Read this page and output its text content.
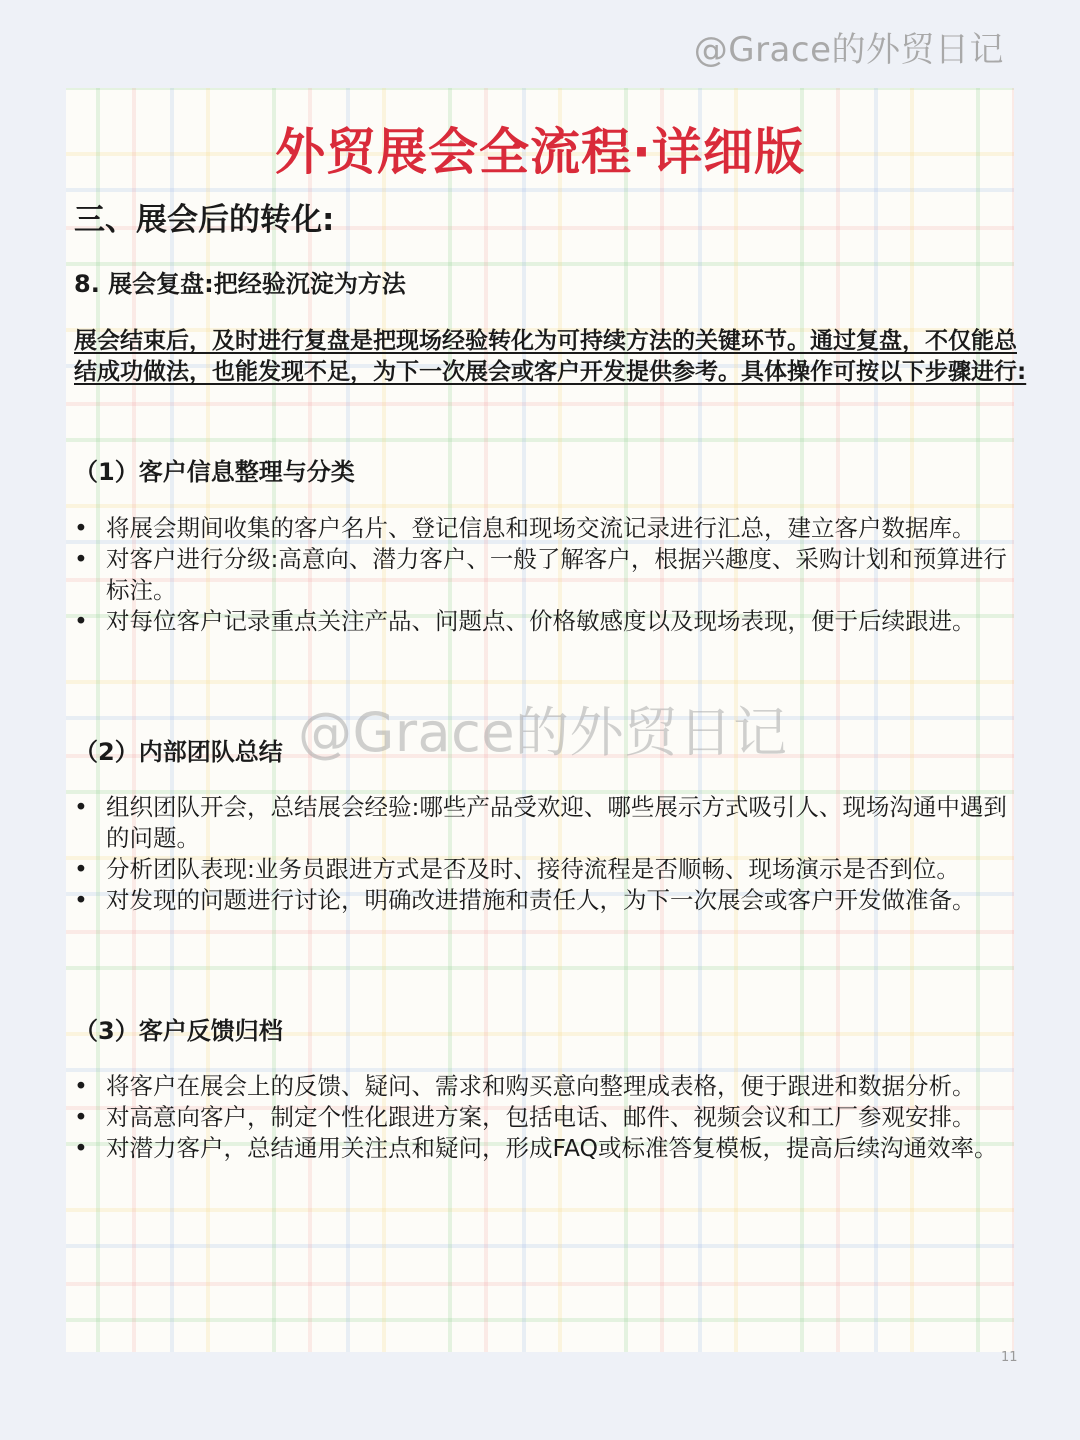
@Grace的外贸日记
外贸展会全流程·详细版
三、展会后的转化:
8. 展会复盘:把经验沉淀为方法
展会结束后，及时进行复盘是把现场经验转化为可持续方法的关键环节。通过复盘，不仅能总结成功做法，也能发现不足，为下一次展会或客户开发提供参考。具体操作可按以下步骤进行:
（1）客户信息整理与分类
• 将展会期间收集的客户名片、登记信息和现场交流记录进行汇总，建立客户数据库。
• 对客户进行分级:高意向、潜力客户、一般了解客户，根据兴趣度、采购计划和预算进行标注。
• 对每位客户记录重点关注产品、问题点、价格敏感度以及现场表现，便于后续跟进。
（2）内部团队总结
• 组织团队开会，总结展会经验:哪些产品受欢迎、哪些展示方式吸引人、现场沟通中遇到的问题。
• 分析团队表现:业务员跟进方式是否及时、接待流程是否顺畅、现场演示是否到位。
• 对发现的问题进行讨论，明确改进措施和责任人，为下一次展会或客户开发做准备。
（3）客户反馈归档
• 将客户在展会上的反馈、疑问、需求和购买意向整理成表格，便于跟进和数据分析。
• 对高意向客户，制定个性化跟进方案，包括电话、邮件、视频会议和工厂参观安排。
• 对潜力客户，总结通用关注点和疑问，形成FAQ或标准答复模板，提高后续沟通效率。
@Grace的外贸日记
11
